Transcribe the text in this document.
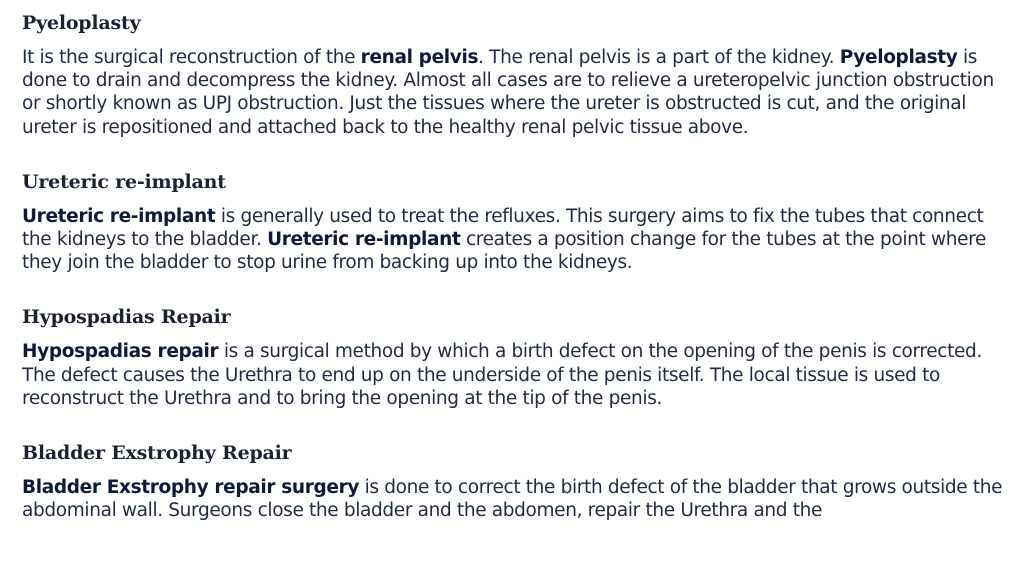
Pyeloplasty

It is the surgical reconstruction of the renal pelvis. The renal pelvis is a part of the kidney. Pyeloplasty is done to drain and decompress the kidney. Almost all cases are to relieve a ureteropelvic junction obstruction or shortly known as UPJ obstruction. Just the tissues where the ureter is obstructed is cut, and the original ureter is repositioned and attached back to the healthy renal pelvic tissue above.

Ureteric re-implant

Ureteric re-implant is generally used to treat the refluxes. This surgery aims to fix the tubes that connect the kidneys to the bladder. Ureteric re-implant creates a position change for the tubes at the point where they join the bladder to stop urine from backing up into the kidneys.

Hypospadias Repair

Hypospadias repair is a surgical method by which a birth defect on the opening of the penis is corrected. The defect causes the Urethra to end up on the underside of the penis itself. The local tissue is used to reconstruct the Urethra and to bring the opening at the tip of the penis.

Bladder Exstrophy Repair

Bladder Exstrophy repair surgery is done to correct the birth defect of the bladder that grows outside the abdominal wall. Surgeons close the bladder and the abdomen, repair the Urethra and the
